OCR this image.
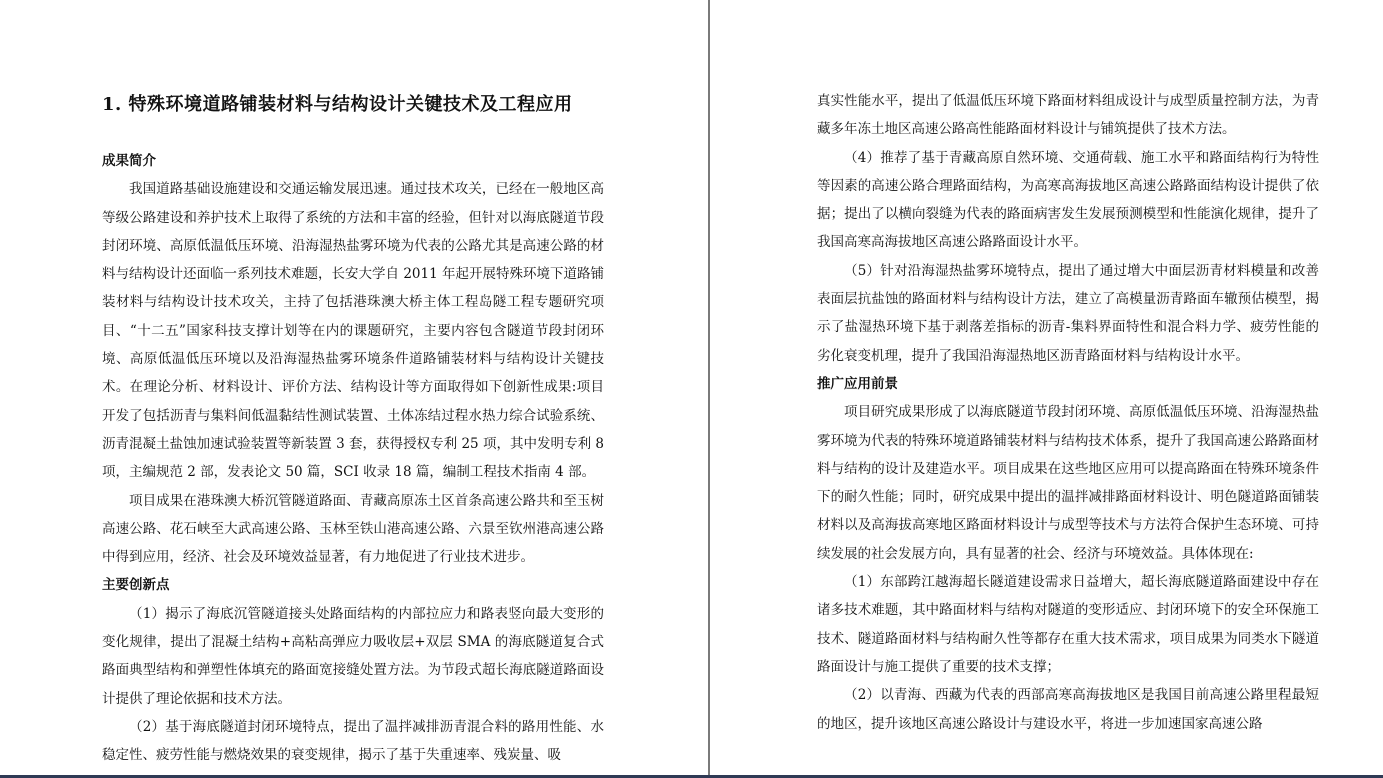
1. 特殊环境道路铺装材料与结构设计关键技术及工程应用
成果简介

我国道路基础设施建设和交通运输发展迅速。通过技术攻关，已经在一般地区高等级公路建设和养护技术上取得了系统的方法和丰富的经验，但针对以海底隧道节段封闭环境、高原低温低压环境、沿海湿热盐雾环境为代表的公路尤其是高速公路的材料与结构设计还面临一系列技术难题，长安大学自 2011 年起开展特殊环境下道路铺装材料与结构设计技术攻关，主持了包括港珠澳大桥主体工程岛隧工程专题研究项目、“十二五”国家科技支撑计划等在内的课题研究，主要内容包含隧道节段封闭环境、高原低温低压环境以及沿海湿热盐雾环境条件道路铺装材料与结构设计关键技术。在理论分析、材料设计、评价方法、结构设计等方面取得如下创新性成果:项目开发了包括沥青与集料间低温黏结性测试装置、土体冻结过程水热力综合试验系统、沥青混凝土盐蚀加速试验装置等新装置 3 套，获得授权专利 25 项，其中发明专利 8 项，主编规范 2 部，发表论文 50 篇，SCI 收录 18 篇，编制工程技术指南 4 部。

项目成果在港珠澳大桥沉管隧道路面、青藏高原冻土区首条高速公路共和至玉树高速公路、花石峡至大武高速公路、玉林至铁山港高速公路、六景至钦州港高速公路中得到应用，经济、社会及环境效益显著，有力地促进了行业技术进步。

主要创新点

（1）揭示了海底沉管隧道接头处路面结构的内部拉应力和路表竖向最大变形的变化规律，提出了混凝土结构+高粘高弹应力吸收层+双层 SMA 的海底隧道复合式路面典型结构和弹塑性体填充的路面宽接缝处置方法。为节段式超长海底隧道路面设计提供了理论依据和技术方法。

（2）基于海底隧道封闭环境特点，提出了温拌减排沥青混合料的路用性能、水稳定性、疲劳性能与燃烧效果的衰变规律，揭示了基于失重速率、残炭量、吸

真实性能水平，提出了低温低压环境下路面材料组成设计与成型质量控制方法，为青藏多年冻土地区高速公路高性能路面材料设计与铺筑提供了技术方法。

（4）推荐了基于青藏高原自然环境、交通荷载、施工水平和路面结构行为特性等因素的高速公路合理路面结构，为高寒高海拔地区高速公路路面结构设计提供了依据；提出了以横向裂缝为代表的路面病害发生发展预测模型和性能演化规律，提升了我国高寒高海拔地区高速公路路面设计水平。

（5）针对沿海湿热盐雾环境特点，提出了通过增大中面层沥青材料模量和改善表面层抗盐蚀的路面材料与结构设计方法，建立了高模量沥青路面车辙预估模型，揭示了盐湿热环境下基于剥落差指标的沥青-集料界面特性和混合料力学、疲劳性能的劣化衰变机理，提升了我国沿海湿热地区沥青路面材料与结构设计水平。

推广应用前景

项目研究成果形成了以海底隧道节段封闭环境、高原低温低压环境、沿海湿热盐雾环境为代表的特殊环境道路铺装材料与结构技术体系，提升了我国高速公路路面材料与结构的设计及建造水平。项目成果在这些地区应用可以提高路面在特殊环境条件下的耐久性能；同时，研究成果中提出的温拌减排路面材料设计、明色隧道路面铺装材料以及高海拔高寒地区路面材料设计与成型等技术与方法符合保护生态环境、可持续发展的社会发展方向，具有显著的社会、经济与环境效益。具体体现在:

（1）东部跨江越海超长隧道建设需求日益增大，超长海底隧道路面建设中存在诸多技术难题，其中路面材料与结构对隧道的变形适应、封闭环境下的安全环保施工技术、隧道路面材料与结构耐久性等都存在重大技术需求，项目成果为同类水下隧道路面设计与施工提供了重要的技术支撑；

（2）以青海、西藏为代表的西部高寒高海拔地区是我国目前高速公路里程最短的地区，提升该地区高速公路设计与建设水平，将进一步加速国家高速公路
